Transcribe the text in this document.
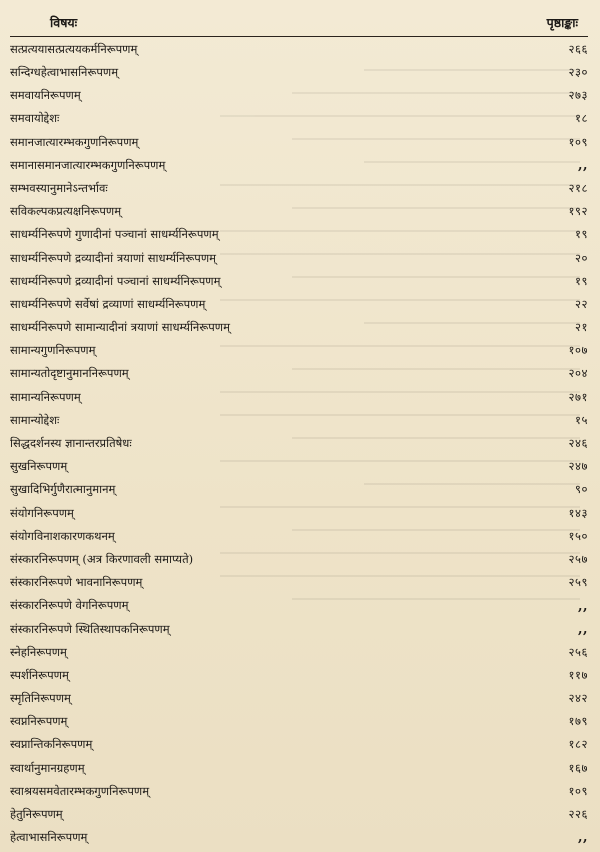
विषयः	पृष्ठाङ्काः
सत्प्रत्ययासत्प्रत्ययकर्मनिरूपणम्	२६६
सन्दिग्धहेत्वाभासनिरूपणम्	२३०
समवायनिरूपणम्	२७३
समवायोद्देशः	१८
समानजात्यारम्भकगुणनिरूपणम्	१०९
समानासमानजात्यारम्भकगुणनिरूपणम्	,,
सम्भवस्यानुमानेऽन्तर्भावः	२१८
सविकल्पकप्रत्यक्षनिरूपणम्	१९२
साधर्म्यनिरूपणे गुणादीनां पञ्चानां साधर्म्यनिरूपणम्	१९
साधर्म्यनिरूपणे द्रव्यादीनां त्रयाणां साधर्म्यनिरूपणम्	२०
साधर्म्यनिरूपणे द्रव्यादीनां पञ्चानां साधर्म्यनिरूपणम्	१९
साधर्म्यनिरूपणे सर्वेषां द्रव्याणां साधर्म्यनिरूपणम्	२२
साधर्म्यनिरूपणे सामान्यादीनां त्रयाणां साधर्म्यनिरूपणम्	२१
सामान्यगुणनिरूपणम्	१०७
सामान्यतोदृष्टानुमाननिरूपणम्	२०४
सामान्यनिरूपणम्	२७१
सामान्योद्देशः	१५
सिद्धदर्शनस्य ज्ञानान्तरप्रतिषेधः	२४६
सुखनिरूपणम्	२४७
सुखादिभिर्गुणैरात्मानुमानम्	९०
संयोगनिरूपणम्	१४३
संयोगविनाशकारणकथनम्	१५०
संस्कारनिरूपणम् (अत्र किरणावली समाप्यते)	२५७
संस्कारनिरूपणे भावनानिरूपणम्	२५९
संस्कारनिरूपणे वेगनिरूपणम्	,,
संस्कारनिरूपणे स्थितिस्थापकनिरूपणम्	,,
स्नेहनिरूपणम्	२५६
स्पर्शनिरूपणम्	११७
स्मृतिनिरूपणम्	२४२
स्वप्ननिरूपणम्	१७९
स्वप्नान्तिकनिरूपणम्	१८२
स्वार्थानुमानग्रहणम्	१६७
स्वाश्रयसमवेतारम्भकगुणनिरूपणम्	१०९
हेतुनिरूपणम्	२२६
हेत्वाभासनिरूपणम्	,,
